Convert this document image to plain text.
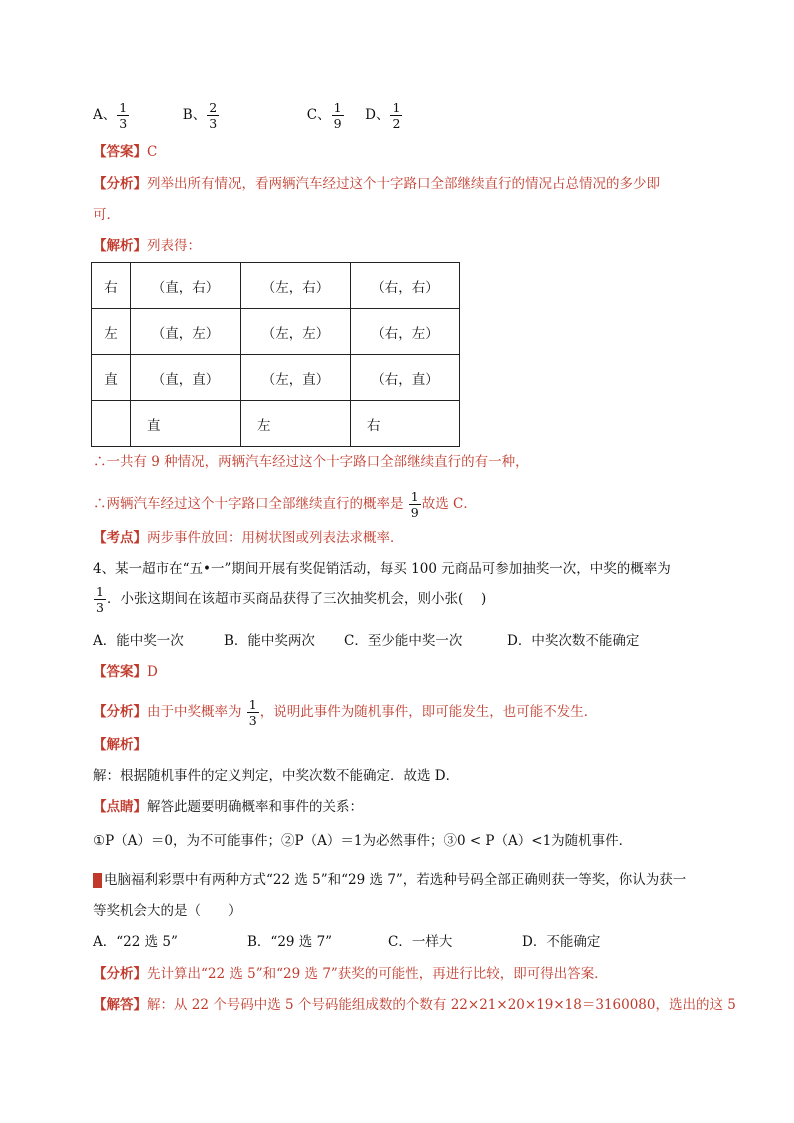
A、 $\frac{1}{3}$	B、 $\frac{2}{3}$	C、 $\frac{1}{9}$ D、 $\frac{1}{2}$
【答案】C
【分析】列举出所有情况，看两辆汽车经过这个十字路口全部继续直行的情况占总情况的多少即
可．
【解析】列表得：
右	（直，右）	（左，右）	（右，右）
左	（直，左）	（左，左）	（右，左）
直	（直，直）	（左，直）	（右，直）
	直	左	右
∴一共有 9 种情况，两辆汽车经过这个十字路口全部继续直行的有一种，
∴两辆汽车经过这个十字路口全部继续直行的概率是 $\frac{1}{9}$ 故选 C．
【考点】两步事件放回：用树状图或列表法求概率．
4、某一超市在“五•一”期间开展有奖促销活动，每买 100 元商品可参加抽奖一次，中奖的概率为
$\frac{1}{3}$ ．小张这期间在该超市买商品获得了三次抽奖机会，则小张(　 )
A．能中奖一次	B．能中奖两次 C．至少能中奖一次	D．中奖次数不能确定
【答案】D
【分析】由于中奖概率为 $\frac{1}{3}$ ，说明此事件为随机事件，即可能发生，也可能不发生．
【解析】
解：根据随机事件的定义判定，中奖次数不能确定．故选 D．
【点睛】解答此题要明确概率和事件的关系：
①P（A）＝0，为不可能事件；②P（A）＝1为必然事件；③0 < P（A）<1为随机事件．
电脑福利彩票中有两种方式“22 选 5”和“29 选 7”，若选种号码全部正确则获一等奖，你认为获一
等奖机会大的是（　　）
A．“22 选 5”	B．“29 选 7”	C．一样大	D．不能确定
【分析】先计算出“22 选 5”和“29 选 7”获奖的可能性，再进行比较，即可得出答案．
【解答】解：从 22 个号码中选 5 个号码能组成数的个数有 22×21×20×19×18＝3160080，选出的这 5
